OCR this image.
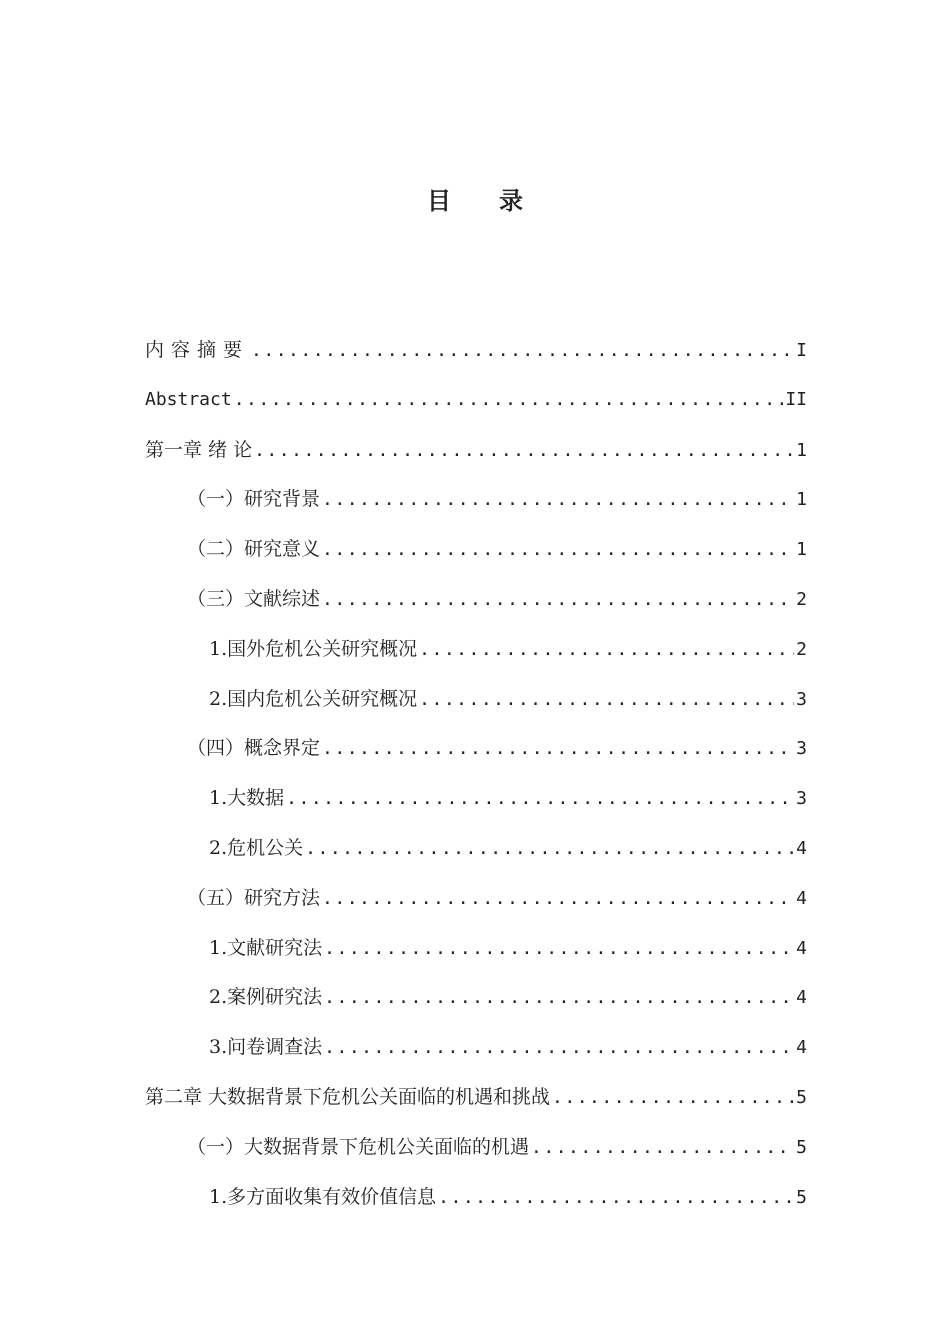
目录
内容摘要 .....	I
Abstract .....	II
第一章 绪 论 .....	1
（一）研究背景 .....	1
（二）研究意义 .....	1
（三）文献综述 .....	2
1.国外危机公关研究概况 .....	2
2.国内危机公关研究概况 .....	3
（四）概念界定 .....	3
1.大数据 .....	3
2.危机公关 .....	4
（五）研究方法 .....	4
1.文献研究法 .....	4
2.案例研究法 .....	4
3.问卷调查法 .....	4
第二章 大数据背景下危机公关面临的机遇和挑战 .....	5
（一）大数据背景下危机公关面临的机遇 .....	5
1.多方面收集有效价值信息 .....	5
